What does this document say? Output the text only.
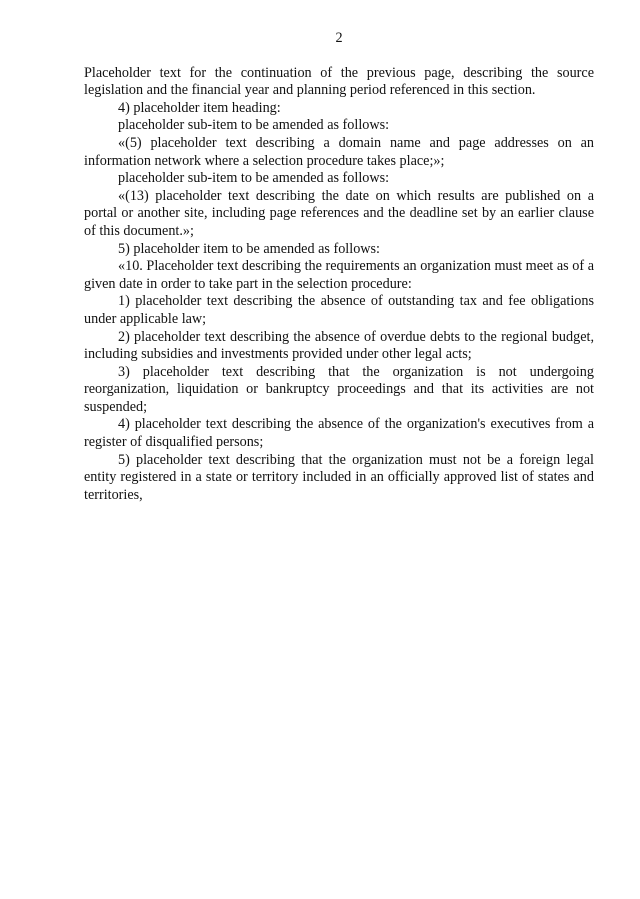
2

Placeholder text for the continuation of the previous page, describing the source legislation and the financial year and planning period referenced in this section.

4) placeholder item heading:

placeholder sub-item to be amended as follows:

«(5) placeholder text describing a domain name and page addresses on an information network where a selection procedure takes place;»;

placeholder sub-item to be amended as follows:

«(13) placeholder text describing the date on which results are published on a portal or another site, including page references and the deadline set by an earlier clause of this document.»;

5) placeholder item to be amended as follows:

«10. Placeholder text describing the requirements an organization must meet as of a given date in order to take part in the selection procedure:

1) placeholder text describing the absence of outstanding tax and fee obligations under applicable law;

2) placeholder text describing the absence of overdue debts to the regional budget, including subsidies and investments provided under other legal acts;

3) placeholder text describing that the organization is not undergoing reorganization, liquidation or bankruptcy proceedings and that its activities are not suspended;

4) placeholder text describing the absence of the organization's executives from a register of disqualified persons;

5) placeholder text describing that the organization must not be a foreign legal entity registered in a state or territory included in an officially approved list of states and territories,
